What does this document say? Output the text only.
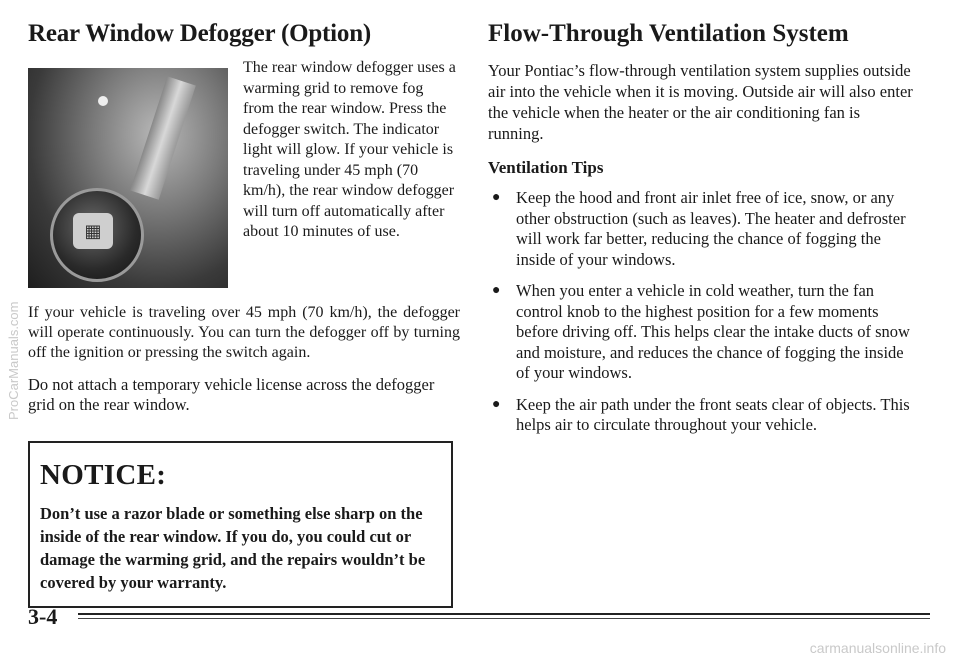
Rear Window Defogger (Option)
▦

The rear window defogger uses a warming grid to remove fog from the rear window. Press the defogger switch. The indicator light will glow. If your vehicle is traveling under 45 mph (70 km/h), the rear window defogger will turn off automatically after about 10 minutes of use.

If your vehicle is traveling over 45 mph (70 km/h), the defogger will operate continuously. You can turn the defogger off by turning off the ignition or pressing the switch again.

Do not attach a temporary vehicle license across the defogger grid on the rear window.

NOTICE:

Don’t use a razor blade or something else sharp on the inside of the rear window. If you do, you could cut or damage the warming grid, and the repairs wouldn’t be covered by your warranty.

Flow-Through Ventilation System

Your Pontiac’s flow-through ventilation system supplies outside air into the vehicle when it is moving. Outside air will also enter the vehicle when the heater or the air conditioning fan is running.

Ventilation Tips
● Keep the hood and front air inlet free of ice, snow, or any other obstruction (such as leaves). The heater and defroster will work far better, reducing the chance of fogging the inside of your windows.
● When you enter a vehicle in cold weather, turn the fan control knob to the highest position for a few moments before driving off. This helps clear the intake ducts of snow and moisture, and reduces the chance of fogging the inside of your windows.
● Keep the air path under the front seats clear of objects. This helps air to circulate throughout your vehicle.
3-4
ProCarManuals.com
carmanualsonline.info
